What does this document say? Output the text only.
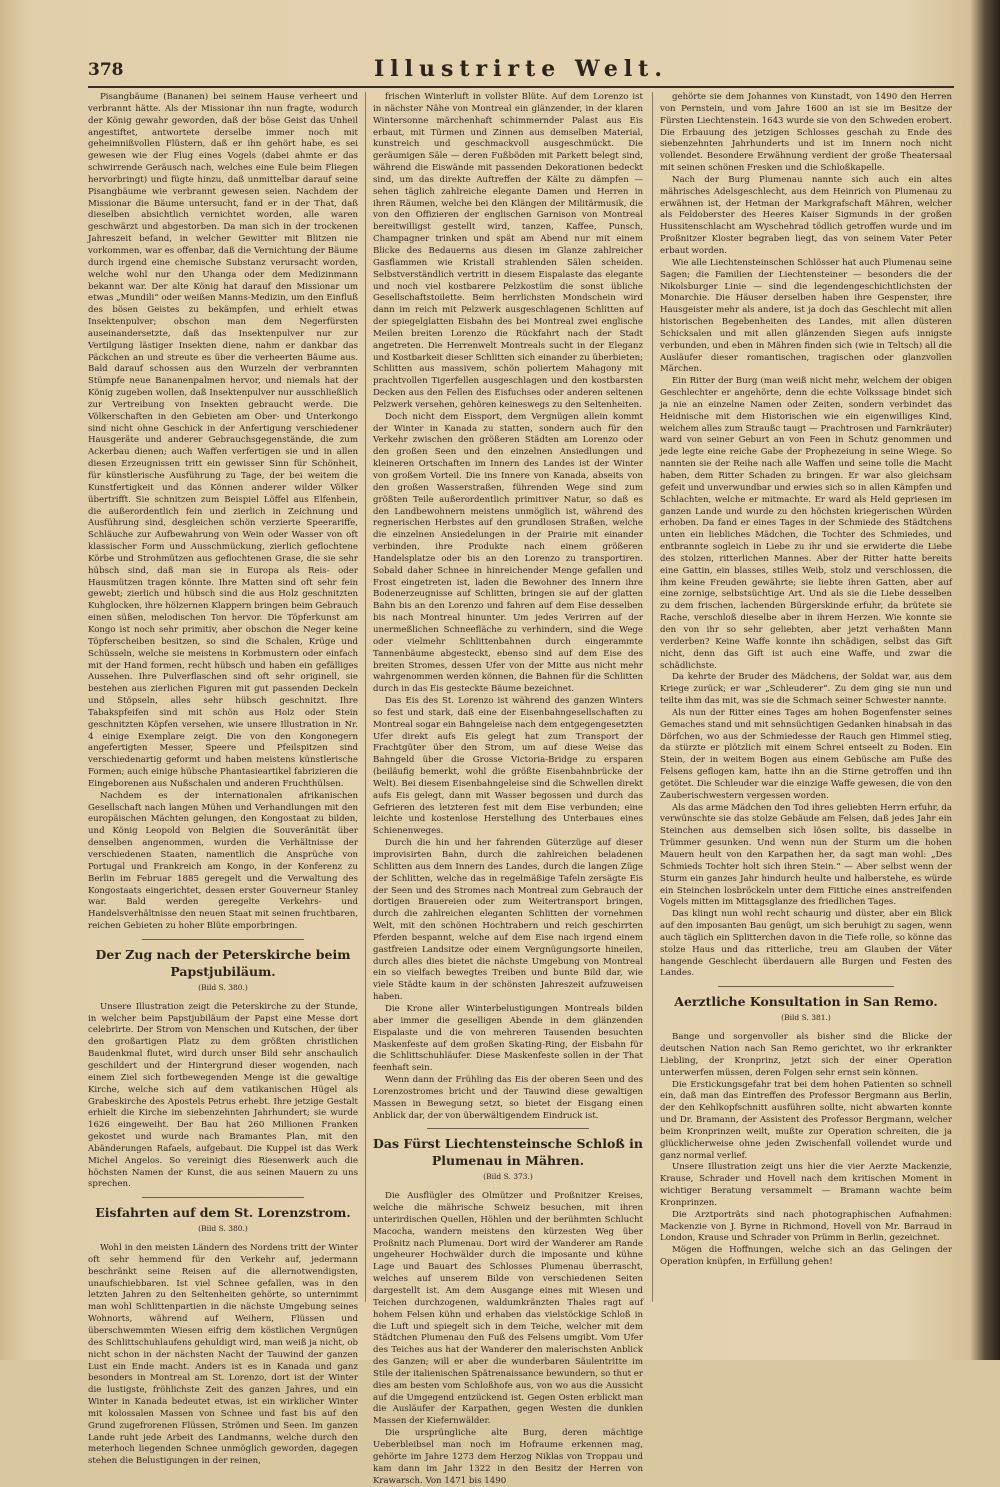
378	Illustrirte Welt.

Pisangbäume (Bananen) bei seinem Hause verheert und verbrannt hätte. Als der Missionar ihn nun fragte, wodurch der König gewahr geworden, daß der böse Geist das Unheil angestiftet, antwortete derselbe immer noch mit geheimnißvollen Flüstern, daß er ihn gehört habe, es sei gewesen wie der Flug eines Vogels (dabei ahmte er das schwirrende Geräusch nach, welches eine Eule beim Fliegen hervorbringt) und fügte hinzu, daß unmittelbar darauf seine Pisangbäume wie verbrannt gewesen seien. Nachdem der Missionar die Bäume untersucht, fand er in der That, daß dieselben absichtlich vernichtet worden, alle waren geschwärzt und abgestorben. Da man sich in der trockenen Jahreszeit befand, in welcher Gewitter mit Blitzen nie vorkommen, war es offenbar, daß die Vernichtung der Bäume durch irgend eine chemische Substanz verursacht worden, welche wohl nur den Uhanga oder dem Medizinmann bekannt war. Der alte König hat darauf den Missionar um etwas „Mundili“ oder weißen Manns-Medizin, um den Einfluß des bösen Geistes zu bekämpfen, und erhielt etwas Insektenpulver; obschon man dem Negerfürsten auseinandersetzte, daß das Insektenpulver nur zur Vertilgung lästiger Insekten diene, nahm er dankbar das Päckchen an und streute es über die verheerten Bäume aus. Bald darauf schossen aus den Wurzeln der verbrannten Stümpfe neue Bananenpalmen hervor, und niemals hat der König zugeben wollen, daß Insektenpulver nur ausschließlich zur Vertreibung von Insekten gebraucht werde. Die Völkerschaften in den Gebieten am Ober- und Unterkongo sind nicht ohne Geschick in der Anfertigung verschiedener Hausgeräte und anderer Gebrauchsgegenstände, die zum Ackerbau dienen; auch Waffen verfertigen sie und in allen diesen Erzeugnissen tritt ein gewisser Sinn für Schönheit, für künstlerische Ausführung zu Tage, der bei weitem die Kunstfertigkeit und das Können anderer wilder Völker übertrifft. Sie schnitzen zum Beispiel Löffel aus Elfenbein, die außerordentlich fein und zierlich in Zeichnung und Ausführung sind, desgleichen schön verzierte Speerariffe, Schläuche zur Aufbewahrung von Wein oder Wasser von oft klassischer Form und Ausschmückung, zierlich geflochtene Körbe und Strohmützen aus geflochtenen Grase, die sie sehr hübsch sind, daß man sie in Europa als Reis- oder Hausmützen tragen könnte. Ihre Matten sind oft sehr fein gewebt; zierlich und hübsch sind die aus Holz geschnitzten Kuhglocken, ihre hölzernen Klappern bringen beim Gebrauch einen süßen, melodischen Ton hervor. Die Töpferkunst am Kongo ist noch sehr primitiv, aber obschon die Neger keine Töpferscheiben besitzen, so sind die Schalen, Krüge und Schüsseln, welche sie meistens in Korbmustern oder einfach mit der Hand formen, recht hübsch und haben ein gefälliges Aussehen. Ihre Pulverflaschen sind oft sehr originell, sie bestehen aus zierlichen Figuren mit gut passenden Deckeln und Stöpseln, alles sehr hübsch geschnitzt. Ihre Tabakspfeifen sind mit schön aus Holz oder Stein geschnitzten Köpfen versehen, wie unsere Illustration in Nr. 4 einige Exemplare zeigt. Die von den Kongonegern angefertigten Messer, Speere und Pfeilspitzen sind verschiedenartig geformt und haben meistens künstlerische Formen; auch einige hübsche Phantasieartikel fabrizieren die Eingeborenen aus Nußschalen und anderen Fruchthülsen.

Nachdem es der internationalen afrikanischen Gesellschaft nach langen Mühen und Verhandlungen mit den europäischen Mächten gelungen, den Kongostaat zu bilden, und König Leopold von Belgien die Souveränität über denselben angenommen, wurden die Verhältnisse der verschiedenen Staaten, namentlich die Ansprüche von Portugal und Frankreich am Kongo, in der Konferenz zu Berlin im Februar 1885 geregelt und die Verwaltung des Kongostaats eingerichtet, dessen erster Gouverneur Stanley war. Bald werden geregelte Verkehrs- und Handelsverhältnisse den neuen Staat mit seinen fruchtbaren, reichen Gebieten zu hoher Blüte emporbringen.

Der Zug nach der Peterskirche beim Papstjubiläum.
(Bild S. 380.)

Unsere Illustration zeigt die Peterskirche zu der Stunde, in welcher beim Papstjubiläum der Papst eine Messe dort celebrirte. Der Strom von Menschen und Kutschen, der über den großartigen Platz zu dem größten christlichen Baudenkmal flutet, wird durch unser Bild sehr anschaulich geschildert und der Hintergrund dieser wogenden, nach einem Ziel sich fortbewegenden Menge ist die gewaltige Kirche, welche sich auf dem vatikanischen Hügel als Grabeskirche des Apostels Petrus erhebt. Ihre jetzige Gestalt erhielt die Kirche im siebenzehnten Jahrhundert; sie wurde 1626 eingeweiht. Der Bau hat 260 Millionen Franken gekostet und wurde nach Bramantes Plan, mit den Abänderungen Rafaels, aufgebaut. Die Kuppel ist das Werk Michel Angelos. So vereinigt dies Riesenwerk auch die höchsten Namen der Kunst, die aus seinen Mauern zu uns sprechen.

Eisfahrten auf dem St. Lorenzstrom.
(Bild S. 380.)

Wohl in den meisten Ländern des Nordens tritt der Winter oft sehr hemmend für den Verkehr auf, jedermann beschränkt seine Reisen auf die allernotwendigsten, unaufschiebbaren. Ist viel Schnee gefallen, was in den letzten Jahren zu den Seltenheiten gehörte, so unternimmt man wohl Schlittenpartien in die nächste Umgebung seines Wohnorts, während auf Weihern, Flüssen und überschwemmten Wiesen eifrig dem köstlichen Vergnügen des Schlittschuhlaufens gehuldigt wird, man weiß ja nicht, ob nicht schon in der nächsten Nacht der Tauwind der ganzen Lust ein Ende macht. Anders ist es in Kanada und ganz besonders in Montreal am St. Lorenzo, dort ist der Winter die lustigste, fröhlichste Zeit des ganzen Jahres, und ein Winter in Kanada bedeutet etwas, ist ein wirklicher Winter mit kolossalen Massen von Schnee und fast bis auf den Grund zugefrorenen Flüssen, Strömen und Seen. Im ganzen Lande ruht jede Arbeit des Landmanns, welche durch den meterhoch liegenden Schnee unmöglich geworden, dagegen stehen die Belustigungen in der reinen,

frischen Winterluft in vollster Blüte. Auf dem Lorenzo ist in nächster Nähe von Montreal ein glänzender, in der klaren Wintersonne märchenhaft schimmernder Palast aus Eis erbaut, mit Türmen und Zinnen aus demselben Material, kunstreich und geschmackvoll ausgeschmückt. Die geräumigen Säle — deren Fußböden mit Parkett belegt sind, während die Eiswände mit passenden Dekorationen bedeckt sind, um das direkte Auftreffen der Kälte zu dämpfen — sehen täglich zahlreiche elegante Damen und Herren in ihren Räumen, welche bei den Klängen der Militärmusik, die von den Offizieren der englischen Garnison von Montreal bereitwilligst gestellt wird, tanzen, Kaffee, Punsch, Champagner trinken und spät am Abend nur mit einem Blicke des Bedauerns aus diesen im Glanze zahlreicher Gasflammen wie Kristall strahlenden Sälen scheiden. Selbstverständlich vertritt in diesem Eispalaste das elegante und noch viel kostbarere Pelzkostüm die sonst übliche Gesellschaftstoilette. Beim herrlichsten Mondschein wird dann im reich mit Pelzwerk ausgeschlagenen Schlitten auf der spiegelglatten Eisbahn des bei Montreal zwei englische Meilen breiten Lorenzo die Rückfahrt nach der Stadt angetreten. Die Herrenwelt Montreals sucht in der Eleganz und Kostbarkeit dieser Schlitten sich einander zu überbieten; Schlitten aus massivem, schön poliertem Mahagony mit prachtvollen Tigerfellen ausgeschlagen und den kostbarsten Decken aus den Fellen des Eisfuchses oder anderen seltenen Pelzwerk versehen, gehören keineswegs zu den Seltenheiten.

Doch nicht dem Eissport, dem Vergnügen allein kommt der Winter in Kanada zu statten, sondern auch für den Verkehr zwischen den größeren Städten am Lorenzo oder den großen Seen und den einzelnen Ansiedlungen und kleineren Ortschaften im Innern des Landes ist der Winter von großem Vorteil. Die ins Innere von Kanada, abseits von den großen Wasserstraßen, führenden Wege sind zum größten Teile außerordentlich primitiver Natur, so daß es den Landbewohnern meistens unmöglich ist, während des regnerischen Herbstes auf den grundlosen Straßen, welche die einzelnen Ansiedelungen in der Prairie mit einander verbinden, ihre Produkte nach einem größeren Handelsplatze oder bis an den Lorenzo zu transportiren. Sobald daher Schnee in hinreichender Menge gefallen und Frost eingetreten ist, laden die Bewohner des Innern ihre Bodenerzeugnisse auf Schlitten, bringen sie auf der glatten Bahn bis an den Lorenzo und fahren auf dem Eise desselben bis nach Montreal hinunter. Um jedes Verirren auf der unermeßlichen Schneefläche zu verhindern, sind die Wege oder vielmehr Schlittenbahnen durch eingerammte Tannenbäume abgesteckt, ebenso sind auf dem Eise des breiten Stromes, dessen Ufer von der Mitte aus nicht mehr wahrgenommen werden können, die Bahnen für die Schlitten durch in das Eis gesteckte Bäume bezeichnet.

Das Eis des St. Lorenzo ist während des ganzen Winters so fest und stark, daß eine der Eisenbahngesellschaften zu Montreal sogar ein Bahngeleise nach dem entgegengesetzten Ufer direkt aufs Eis gelegt hat zum Transport der Frachtgüter über den Strom, um auf diese Weise das Bahngeld über die Grosse Victoria-Bridge zu ersparen (beiläufig bemerkt, wohl die größte Eisenbahnbrücke der Welt). Bei diesem Eisenbahngeleise sind die Schwellen direkt aufs Eis gelegt, dann mit Wasser begossen und durch das Gefrieren des letzteren fest mit dem Eise verbunden; eine leichte und kostenlose Herstellung des Unterbaues eines Schienenweges.

Durch die hin und her fahrenden Güterzüge auf dieser improvisirten Bahn, durch die zahlreichen beladenen Schlitten aus dem Innern des Landes, durch die langen Züge der Schlitten, welche das in regelmäßige Tafeln zersägte Eis der Seen und des Stromes nach Montreal zum Gebrauch der dortigen Brauereien oder zum Weitertransport bringen, durch die zahlreichen eleganten Schlitten der vornehmen Welt, mit den schönen Hochtrabern und reich geschirrten Pferden bespannt, welche auf dem Eise nach irgend einem gastfreien Landsitze oder einem Vergnügungsorte hineilen, durch alles dies bietet die nächste Umgebung von Montreal ein so vielfach bewegtes Treiben und bunte Bild dar, wie viele Städte kaum in der schönsten Jahreszeit aufzuweisen haben.

Die Krone aller Winterbelustigungen Montreals bilden aber immer die geselligen Abende in dem glänzenden Eispalaste und die von mehreren Tausenden besuchten Maskenfeste auf dem großen Skating-Ring, der Eisbahn für die Schlittschuhläufer. Diese Maskenfeste sollen in der That feenhaft sein.

Wenn dann der Frühling das Eis der oberen Seen und des Lorenzostromes bricht und der Tauwind diese gewaltigen Massen in Bewegung setzt, so bietet der Eisgang einen Anblick dar, der von überwältigendem Eindruck ist.

Das Fürst Liechtensteinsche Schloß in Plumenau in Mähren.
(Bild S. 373.)

Die Ausflügler des Olmützer und Proßnitzer Kreises, welche die mährische Schweiz besuchen, mit ihren unterirdischen Quellen, Höhlen und der berühmten Schlucht Macocha, wandern meistens den kürzesten Weg über Proßnitz nach Plumenau. Dort wird der Wanderer am Rande ungeheurer Hochwälder durch die imposante und kühne Lage und Bauart des Schlosses Plumenau überrascht, welches auf unserem Bilde von verschiedenen Seiten dargestellt ist. Am dem Ausgange eines mit Wiesen und Teichen durchzogenen, waldumkränzten Thales ragt auf hohem Felsen kühn und erhaben das vielstöckige Schloß in die Luft und spiegelt sich in dem Teiche, welcher mit dem Städtchen Plumenau den Fuß des Felsens umgibt. Vom Ufer des Teiches aus hat der Wanderer den malerischsten Anblick des Ganzen; will er aber die wunderbaren Säulentritte im Stile der italienischen Spätrenaissance bewundern, so thut er dies am besten vom Schloßhofe aus, von wo aus die Aussicht auf die Umgegend entzückend ist. Gegen Osten erblickt man die Ausläufer der Karpathen, gegen Westen die dunklen Massen der Kiefernwälder.

Die ursprüngliche alte Burg, deren mächtige Ueberbleibsel man noch im Hofraume erkennen mag, gehörte im Jahre 1273 dem Herzog Niklas von Troppau und kam dann im Jahr 1322 in den Besitz der Herren von Krawarsch. Von 1471 bis 1490

gehörte sie dem Johannes von Kunstadt, von 1490 den Herren von Pernstein, und vom Jahre 1600 an ist sie im Besitze der Fürsten Liechtenstein. 1643 wurde sie von den Schweden erobert. Die Erbauung des jetzigen Schlosses geschah zu Ende des siebenzehnten Jahrhunderts und ist im Innern noch nicht vollendet. Besondere Erwähnung verdient der große Theatersaal mit seinen schönen Fresken und die Schloßkapelle.

Nach der Burg Plumenau nannte sich auch ein altes mährisches Adelsgeschlecht, aus dem Heinrich von Plumenau zu erwähnen ist, der Hetman der Markgrafschaft Mähren, welcher als Feldoberster des Heeres Kaiser Sigmunds in der großen Hussitenschlacht am Wyschehrad tödlich getroffen wurde und im Proßnitzer Kloster begraben liegt, das von seinem Vater Peter erbaut worden.

Wie alle Liechtensteinschen Schlösser hat auch Plumenau seine Sagen; die Familien der Liechtensteiner — besonders die der Nikolsburger Linie — sind die legendengeschichtlichsten der Monarchie. Die Häuser derselben haben ihre Gespenster, ihre Hausgeister mehr als andere, ist ja doch das Geschlecht mit allen historischen Begebenheiten des Landes, mit allen düsteren Schicksalen und mit allen glänzenden Siegen aufs innigste verbunden, und eben in Mähren finden sich (wie in Teltsch) all die Ausläufer dieser romantischen, tragischen oder glanzvollen Märchen.

Ein Ritter der Burg (man weiß nicht mehr, welchem der obigen Geschlechter er angehörte, denn die echte Volkssage bindet sich ja nie an einzelne Namen oder Zeiten, sondern verbindet das Heidnische mit dem Historischen wie ein eigenwilliges Kind, welchem alles zum Straußc taugt — Prachtrosen und Farnkräuter) ward von seiner Geburt an von Feen in Schutz genommen und jede legte eine reiche Gabe der Prophezeiung in seine Wiege. So nannten sie der Reihe nach alle Waffen und seine tolle die Macht haben, dem Ritter Schaden zu bringen. Er war also gleichsam gefeit und unverwundbar und erwies sich so in allen Kämpfen und Schlachten, welche er mitmachte. Er ward als Held gepriesen im ganzen Lande und wurde zu den höchsten kriegerischen Würden erhoben. Da fand er eines Tages in der Schmiede des Städtchens unten ein liebliches Mädchen, die Tochter des Schmiedes, und entbrannte sogleich in Liebe zu ihr und sie erwiderte die Liebe des stolzen, ritterlichen Mannes. Aber der Ritter hatte bereits eine Gattin, ein blasses, stilles Weib, stolz und verschlossen, die ihm keine Freuden gewährte; sie liebte ihren Gatten, aber auf eine zornige, selbstsüchtige Art. Und als sie die Liebe desselben zu dem frischen, lachenden Bürgerskinde erfuhr, da brütete sie Rache, verschloß dieselbe aber in ihrem Herzen. Wie konnte sie den von ihr so sehr geliebten, aber jetzt verhaßten Mann verderben? Keine Waffe konnte ihn schädigen, selbst das Gift nicht, denn das Gift ist auch eine Waffe, und zwar die schädlichste.

Da kehrte der Bruder des Mädchens, der Soldat war, aus dem Kriege zurück; er war „Schleuderer“. Zu dem ging sie nun und teilte ihm das mit, was sie die Schmach seiner Schwester nannte.

Als nun der Ritter eines Tages am hohen Bogenfenster seines Gemaches stand und mit sehnsüchtigen Gedanken hinabsah in das Dörfchen, wo aus der Schmiedesse der Rauch gen Himmel stieg, da stürzte er plötzlich mit einem Schrei entseelt zu Boden. Ein Stein, der in weitem Bogen aus einem Gebüsche am Fuße des Felsens geflogen kam, hatte ihn an die Stirne getroffen und ihn getötet. Die Schleuder war die einzige Waffe gewesen, die von den Zauberischwestern vergessen worden.

Als das arme Mädchen den Tod ihres geliebten Herrn erfuhr, da verwünschte sie das stolze Gebäude am Felsen, daß jedes Jahr ein Steinchen aus demselben sich lösen sollte, bis dasselbe in Trümmer gesunken. Und wenn nun der Sturm um die hohen Mauern heult von den Karpathen her, da sagt man wohl: „Des Schmieds Tochter holt sich ihren Stein.“ — Aber selbst wenn der Sturm ein ganzes Jahr hindurch heulte und halberstehe, es würde ein Steinchen losbröckeln unter dem Fittiche eines anstreifenden Vogels mitten im Mittagsglanze des friedlichen Tages.

Das klingt nun wohl recht schaurig und düster, aber ein Blick auf den imposanten Bau genügt, um sich beruhigt zu sagen, wenn auch täglich ein Splitterchen davon in die Tiefe rolle, so könne das stolze Haus und das ritterliche, treu am Glauben der Väter hangende Geschlecht überdauern alle Burgen und Festen des Landes.

Aerztliche Konsultation in San Remo.
(Bild S. 381.)

Bange und sorgenvoller als bisher sind die Blicke der deutschen Nation nach San Remo gerichtet, wo ihr erkrankter Liebling, der Kronprinz, jetzt sich der einer Operation unterwerfen müssen, deren Folgen sehr ernst sein können.

Die Erstickungsgefahr trat bei dem hohen Patienten so schnell ein, daß man das Eintreffen des Professor Bergmann aus Berlin, der den Kehlkopfschnitt ausführen sollte, nicht abwarten konnte und Dr. Bramann, der Assistent des Professor Bergmann, welcher beim Kronprinzen weilt, mußte zur Operation schreiten, die ja glücklicherweise ohne jeden Zwischenfall vollendet wurde und ganz normal verlief.

Unsere Illustration zeigt uns hier die vier Aerzte Mackenzie, Krause, Schrader und Hovell nach dem kritischen Moment in wichtiger Beratung versammelt — Bramann wachte beim Kronprinzen.

Die Arztporträts sind nach photographischen Aufnahmen: Mackenzie von J. Byrne in Richmond, Hovell von Mr. Barraud in London, Krause und Schrader von Prümm in Berlin, gezeichnet.

Mögen die Hoffnungen, welche sich an das Gelingen der Operation knüpfen, in Erfüllung gehen!
